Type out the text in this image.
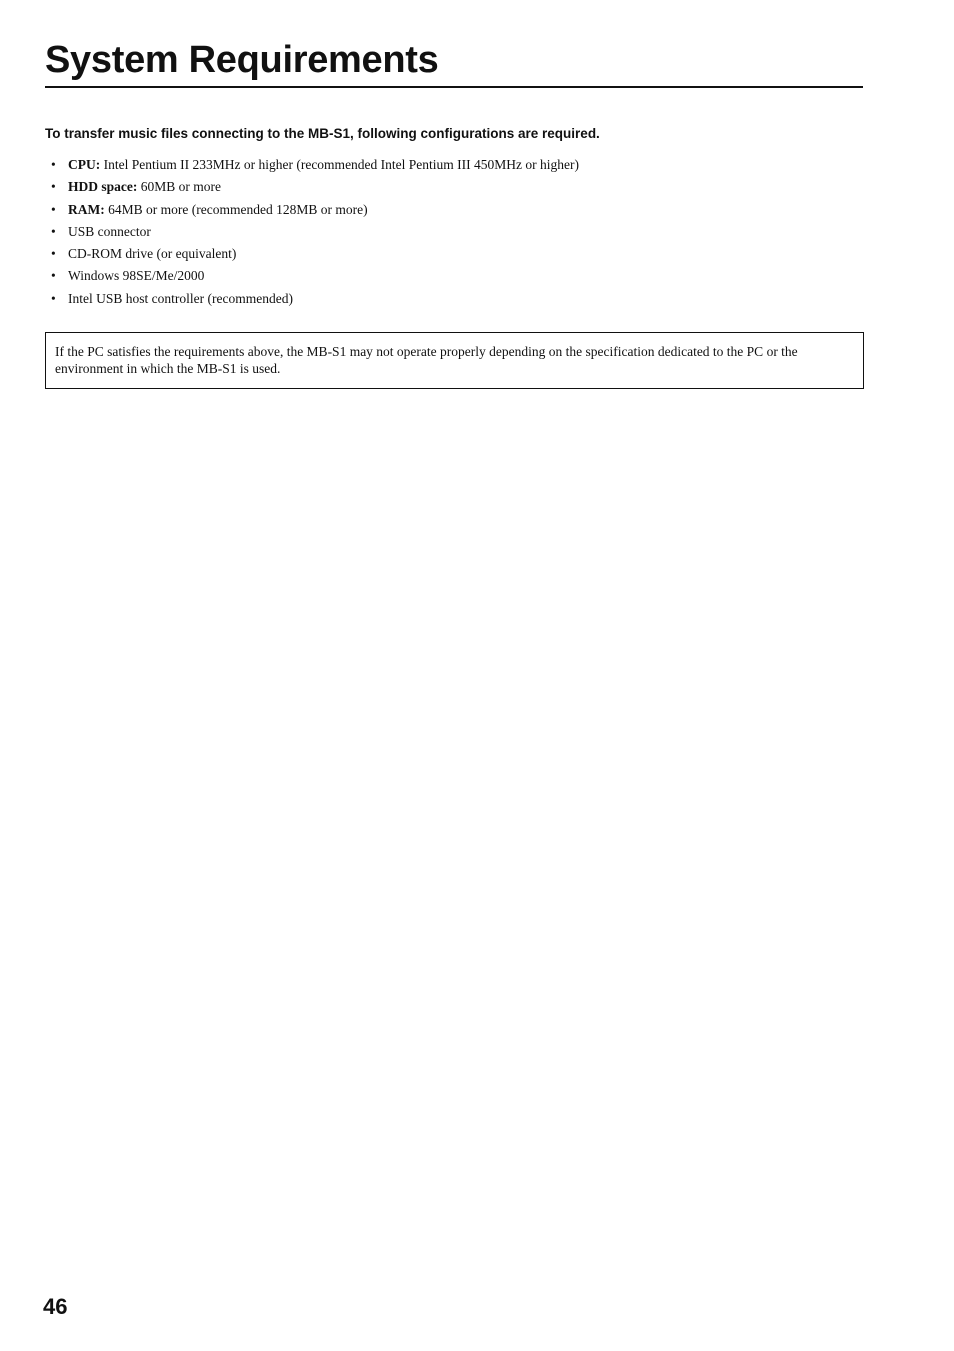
System Requirements

To transfer music files connecting to the MB-S1, following configurations are required.

• CPU: Intel Pentium II 233MHz or higher (recommended Intel Pentium III 450MHz or higher)
• HDD space: 60MB or more
• RAM: 64MB or more (recommended 128MB or more)
• USB connector
• CD-ROM drive (or equivalent)
• Windows 98SE/Me/2000
• Intel USB host controller (recommended)
If the PC satisfies the requirements above, the MB-S1 may not operate properly depending on the specification dedicated to the PC or the environment in which the MB-S1 is used.

46
